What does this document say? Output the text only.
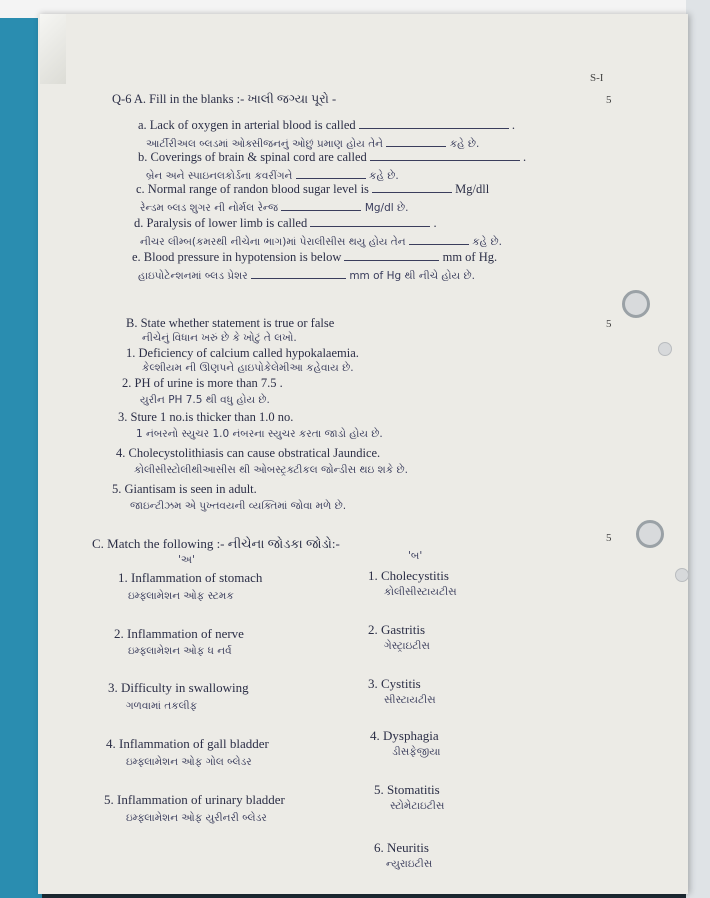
S-I
5
Q-6 A. Fill in the blanks :- ખાલી જગ્યા પૂરો -
a. Lack of oxygen in arterial blood is called	.
આર્ટીરીઅલ બ્લડમાં ઓક્સીજનનું ઓછું પ્રમાણ હોય તેને	કહે છે.
b. Coverings of brain & spinal cord are called	.
બ્રેન અને સ્પાઇનલકોર્ડના કવરીંગને	કહે છે.
c. Normal range of randon blood sugar level is	Mg/dll
રેન્ડમ બ્લડ શુગર ની નોર્મલ રેન્જ	Mg/dl છે.
d. Paralysis of lower limb is called	.
નીચર લીમ્બ(કમરથી નીચેના ભાગ)માં પેરાલીસીસ થયુ હોય તેન	કહે છે.
e. Blood pressure in hypotension is below	mm of Hg.
હાઇપોટેન્શનમાં બ્લડ પ્રેશર	mm of Hg થી નીચે હોય છે.
B. State whether statement is true or false	5
નીચેનું વિધાન ખરું છે કે ખોટું તે લખો.
1. Deficiency of calcium called hypokalaemia.
કેલ્શીયમ ની ઊણપને હાઇપોકેલેમીઆ કહેવાય છે.
2. PH of urine is more than 7.5 .
યુરીન PH 7.5 થી વધુ હોય છે.
3. Sture 1 no.is thicker than 1.0 no.
1 નંબરનો સ્યુચર 1.0 નંબરના સ્યુચર કરતા જાડો હોય છે.
4. Cholecystolithiasis can cause obstratical Jaundice.
કોલીસીસ્ટોલીથીઆસીસ થી ઓબસ્ટ્રક્ટીકલ જોન્ડીસ થઇ શકે છે.
5. Giantisam is seen in adult.
જાઇન્ટીઝમ એ પુખ્તવયની વ્યક્તિમાં જોવા મળે છે.
C. Match the following :- નીચેના જોડકા જોડો:-	5
'અ'	'બ'
1. Inflammation of stomach
ઇમ્ફ્લામેશન ઓફ સ્ટમક
2. Inflammation of nerve
ઇમ્ફ્લામેશન ઓફ ધ નર્વ
3. Difficulty in swallowing
ગળવામાં તકલીફ
4. Inflammation of gall bladder
ઇમ્ફ્લામેશન ઓફ ગોલ બ્લેડર
5. Inflammation of urinary bladder
ઇમ્ફ્લામેશન ઓફ યુરીનરી બ્લેડર
1. Cholecystitis
કોલીસીસ્ટાયટીસ
2. Gastritis
ગેસ્ટ્રાઇટીસ
3. Cystitis
સીસ્ટાયટીસ
4. Dysphagia
ડીસફેજીયા
5. Stomatitis
સ્ટોમેટાઇટીસ
6. Neuritis
ન્યુરાઇટીસ
